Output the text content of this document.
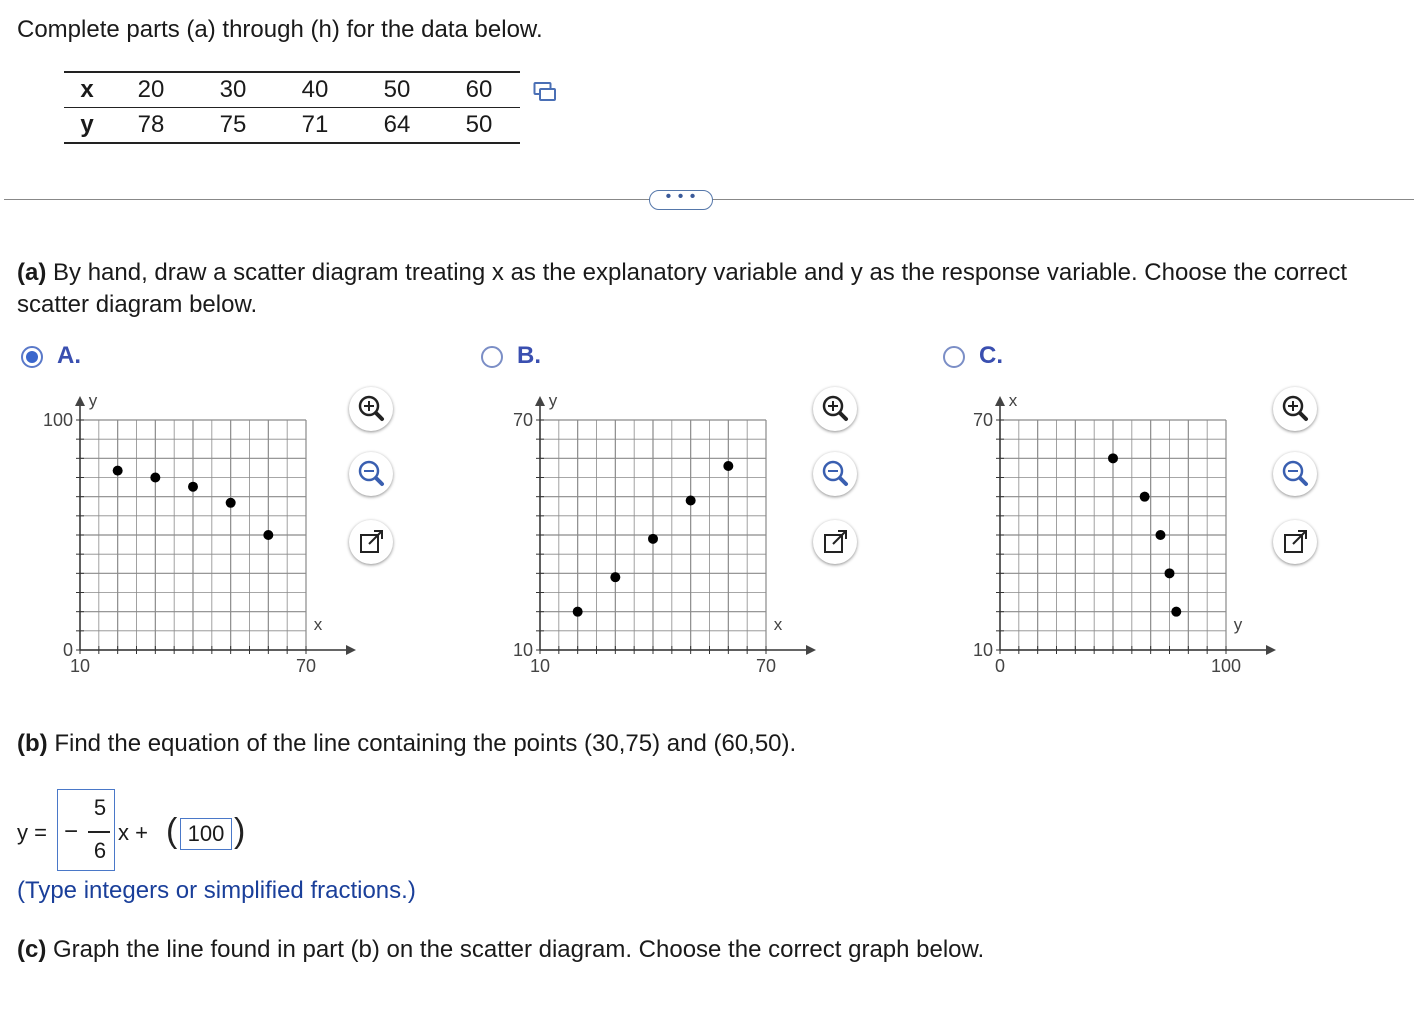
Complete parts (a) through (h) for the data below.
x	20	30	40	50	60
y	78	75	71	64	50
• • •
(a) By hand, draw a scatter diagram treating x as the explanatory variable and y as the response variable. Choose the correct scatter diagram below.
A.	B.	C.
10	70
0
100
x
y
10	70
10
70
x
y
0	100
10
70
y
x
(b) Find the equation of the line containing the points (30,75) and (60,50).
y = −
5
6
x + ( 100 )
(Type integers or simplified fractions.)
(c) Graph the line found in part (b) on the scatter diagram. Choose the correct graph below.
